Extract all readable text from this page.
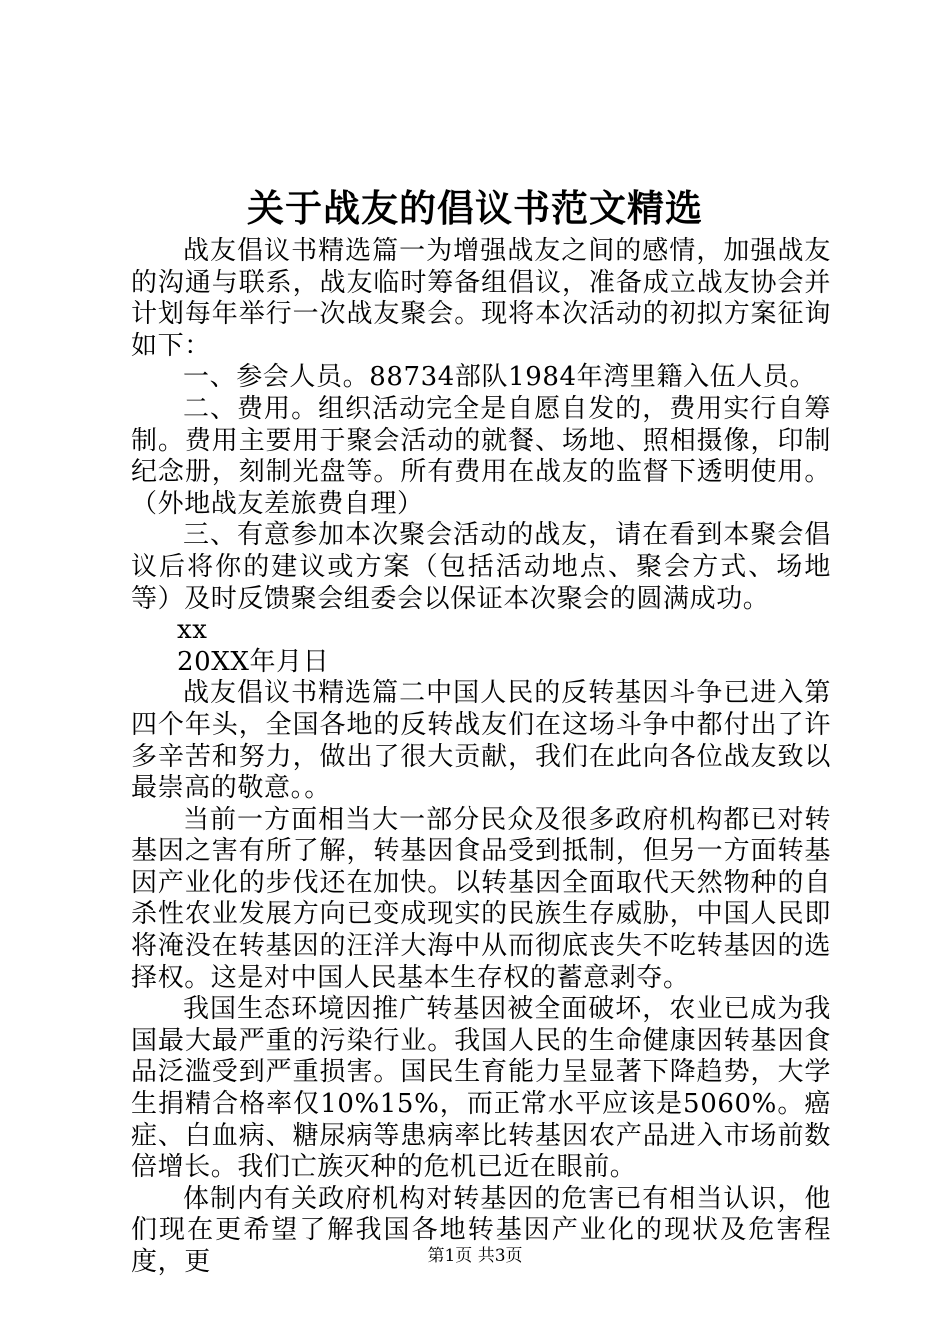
关于战友的倡议书范文精选

战友倡议书精选篇一为增强战友之间的感情，加强战友的沟通与联系，战友临时筹备组倡议，准备成立战友协会并计划每年举行一次战友聚会。现将本次活动的初拟方案征询如下：

一、参会人员。88734部队1984年湾里籍入伍人员。

二、费用。组织活动完全是自愿自发的，费用实行自筹制。费用主要用于聚会活动的就餐、场地、照相摄像，印制纪念册，刻制光盘等。所有费用在战友的监督下透明使用。（外地战友差旅费自理）

三、有意参加本次聚会活动的战友，请在看到本聚会倡议后将你的建议或方案（包括活动地点、聚会方式、场地等）及时反馈聚会组委会以保证本次聚会的圆满成功。

xx

20XX年月日

战友倡议书精选篇二中国人民的反转基因斗争已进入第四个年头，全国各地的反转战友们在这场斗争中都付出了许多辛苦和努力，做出了很大贡献，我们在此向各位战友致以最崇高的敬意。。

当前一方面相当大一部分民众及很多政府机构都已对转基因之害有所了解，转基因食品受到抵制，但另一方面转基因产业化的步伐还在加快。以转基因全面取代天然物种的自杀性农业发展方向已变成现实的民族生存威胁，中国人民即将淹没在转基因的汪洋大海中从而彻底丧失不吃转基因的选择权。这是对中国人民基本生存权的蓄意剥夺。

我国生态环境因推广转基因被全面破坏，农业已成为我国最大最严重的污染行业。我国人民的生命健康因转基因食品泛滥受到严重损害。国民生育能力呈显著下降趋势，大学生捐精合格率仅10%15%，而正常水平应该是5060%。癌症、白血病、糖尿病等患病率比转基因农产品进入市场前数倍增长。我们亡族灭种的危机已近在眼前。

体制内有关政府机构对转基因的危害已有相当认识，他们现在更希望了解我国各地转基因产业化的现状及危害程度，更	第1页 共3页
